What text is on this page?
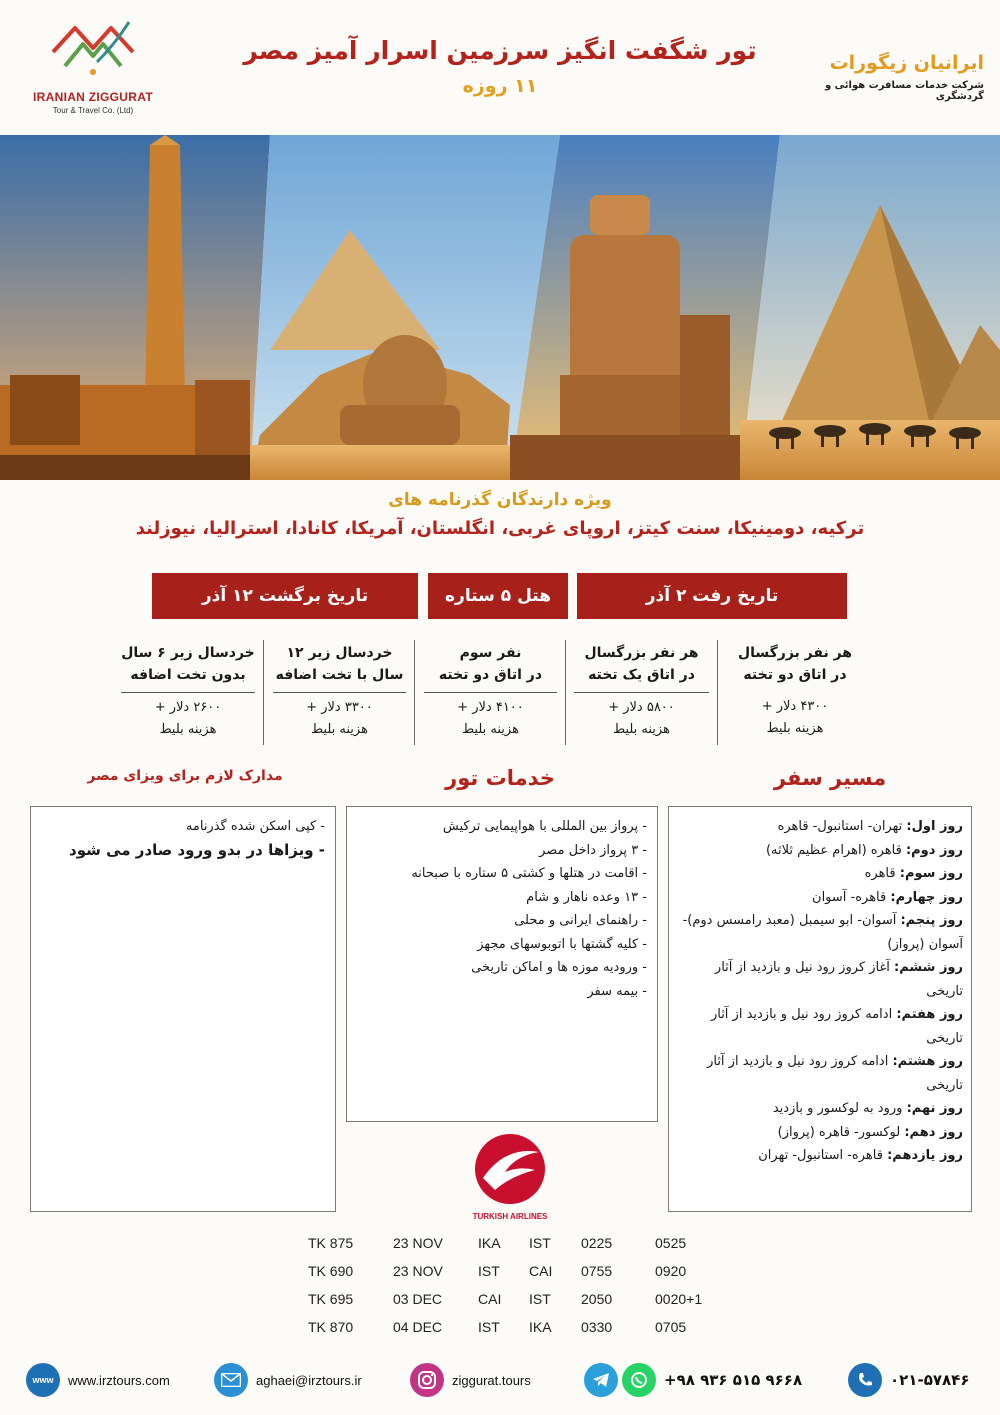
IRANIAN ZIGGURAT
Tour & Travel Co. (Ltd)
تور شگفت انگیز سرزمین اسرار آمیز مصر
۱۱ روزه
ایرانیان زیگورات
شرکت خدمات مسافرت هوائی و گردشگری
ویژه دارندگان گذرنامه های
ترکیه، دومینیکا، سنت کیتز، اروپای غربی، انگلستان، آمریکا، کانادا، استرالیا، نیوزلند
تاریخ رفت ۲ آذر
هتل ۵ ستاره
تاریخ برگشت ۱۲ آذر
هر نفر بزرگسال
در اتاق دو تخته
۴۳۰۰ دلار +
هزینه بلیط
هر نفر بزرگسال
در اتاق یک تخته
۵۸۰۰ دلار +
هزینه بلیط
نفر سوم
در اتاق دو تخته
۴۱۰۰ دلار +
هزینه بلیط
خردسال زیر ۱۲
سال با تخت اضافه
۳۳۰۰ دلار +
هزینه بلیط
خردسال زیر ۶ سال
بدون تخت اضافه
۲۶۰۰ دلار +
هزینه بلیط
مسیر سفر
خدمات تور
مدارک لازم برای ویزای مصر
روز اول: تهران- استانبول- قاهره
روز دوم: قاهره (اهرام عظیم ثلاثه)
روز سوم: قاهره
روز چهارم: قاهره- آسوان
روز پنجم: آسوان- ابو سیمبل (معبد رامسس دوم)- آسوان (پرواز)
روز ششم: آغاز کروز رود نیل و بازدید از آثار تاریخی
روز هفتم: ادامه کروز رود نیل و بازدید از آثار تاریخی
روز هشتم: ادامه کروز رود نیل و بازدید از آثار تاریخی
روز نهم: ورود به لوکسور و بازدید
روز دهم: لوکسور- قاهره (پرواز)
روز یازدهم: قاهره- استانبول- تهران
- پرواز بین المللی با هواپیمایی ترکیش
- ۳ پرواز داخل مصر
- اقامت در هتلها و کشتی ۵ ستاره با صبحانه
- ۱۳ وعده ناهار و شام
- راهنمای ایرانی و محلی
- کلیه گشتها با اتوبوسهای مجهز
- ورودیه موزه ها و اماکن تاریخی
- بیمه سفر
- کپی اسکن شده گذرنامه
- ویزاها در بدو ورود صادر می شود
TURKISH AIRLINES
TK 875	23 NOV	IKA IST 0225	0525
TK 690	23 NOV	IST CAI 0755	0920
TK 695	03 DEC	CAI IST 2050	0020+1
TK 870	04 DEC	IST IKA 0330	0705
www www.irztours.com	aghaei@irztours.ir	ziggurat.tours	+۹۸ ۹۳۶ ۵۱۵ ۹۶۶۸	۰۲۱-۵۷۸۴۶
